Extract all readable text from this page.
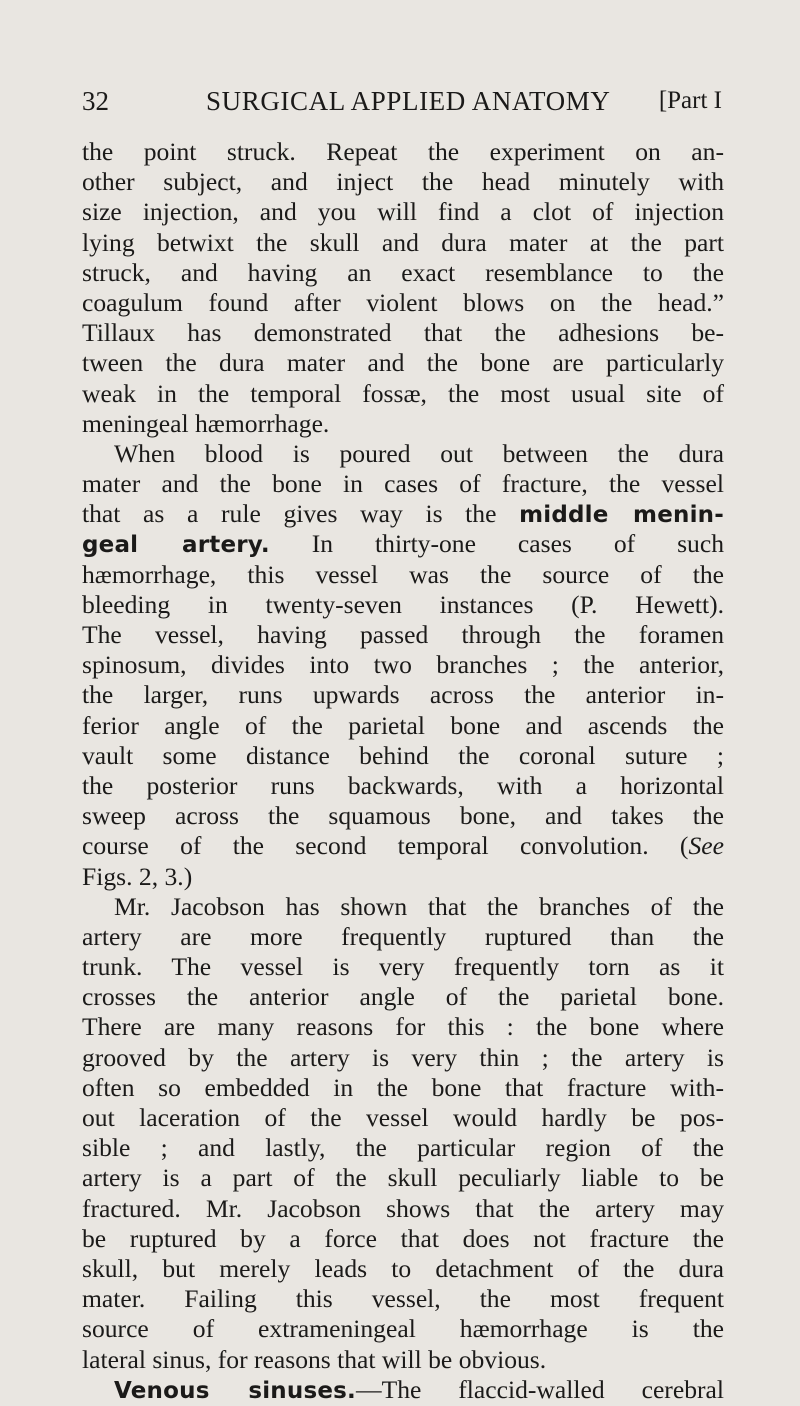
32	SURGICAL APPLIED ANATOMY [Part I
the point struck. Repeat the experiment on an-
other subject, and inject the head minutely with
size injection, and you will find a clot of injection
lying betwixt the skull and dura mater at the part
struck, and having an exact resemblance to the
coagulum found after violent blows on the head.”
Tillaux has demonstrated that the adhesions be-
tween the dura mater and the bone are particularly
weak in the temporal fossæ, the most usual site of
meningeal hæmorrhage.
When blood is poured out between the dura
mater and the bone in cases of fracture, the vessel
that as a rule gives way is the middle menin-
geal artery. In thirty-one cases of such
hæmorrhage, this vessel was the source of the
bleeding in twenty-seven instances (P. Hewett).
The vessel, having passed through the foramen
spinosum, divides into two branches ; the anterior,
the larger, runs upwards across the anterior in-
ferior angle of the parietal bone and ascends the
vault some distance behind the coronal suture ;
the posterior runs backwards, with a horizontal
sweep across the squamous bone, and takes the
course of the second temporal convolution. (See
Figs. 2, 3.)
Mr. Jacobson has shown that the branches of the
artery are more frequently ruptured than the
trunk. The vessel is very frequently torn as it
crosses the anterior angle of the parietal bone.
There are many reasons for this : the bone where
grooved by the artery is very thin ; the artery is
often so embedded in the bone that fracture with-
out laceration of the vessel would hardly be pos-
sible ; and lastly, the particular region of the
artery is a part of the skull peculiarly liable to be
fractured. Mr. Jacobson shows that the artery may
be ruptured by a force that does not fracture the
skull, but merely leads to detachment of the dura
mater. Failing this vessel, the most frequent
source of extrameningeal hæmorrhage is the
lateral sinus, for reasons that will be obvious.
Venous sinuses.—The flaccid-walled cerebral
